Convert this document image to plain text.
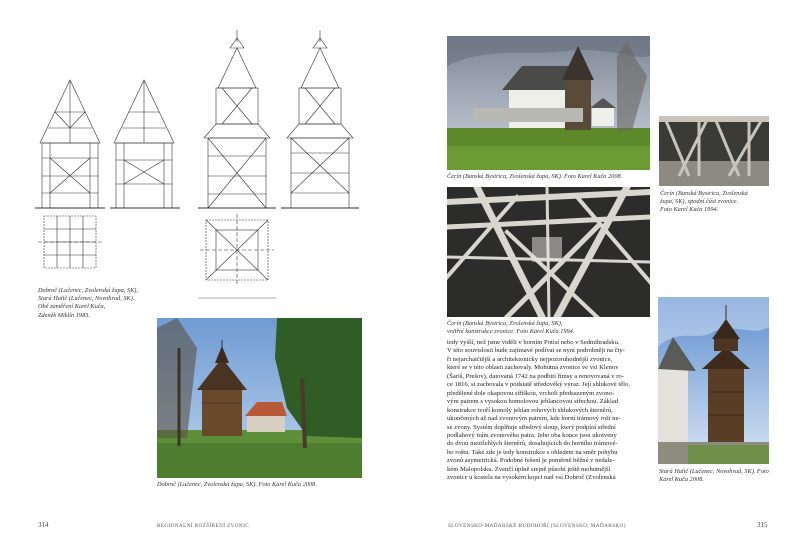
Dobroč (Lučenec, Zvolenská župa, SK),
Stará Halič (Lučenec, Novohrad, SK).
Obě zaměření Karel Kuča,
Zdeněk Miklín 1983.
Dobroč (Lučenec, Zvolenská župa, SK). Foto Karel Kuča 2008.
314	REGIONÁLNÍ ROZŠÍŘENÍ ZVONIC
Čerín (Banská Bystrica, Zvolenská župa, SK). Foto Karel Kuča 2008.
Čerín (Banská Bystrica, Zvolenská
župa, SK), spodní část zvonice.
Foto Karel Kuča 1994.
Čerín (Banská Bystrica, Zvolenská župa, SK),
vnitřní konstrukce zvonice. Foto Karel Kuča 1994.

tedy vyšší, než jsme viděli v horním Potisí nebo v Sedmihradsku.

V této souvislosti bude zajímavé podívat se nyní podrobněji na čty-

ři nejarchaičtější a architektonicky nejpozoruhodnější zvonice,

které se v této oblasti zachovaly. Mohutná zvonice ve vsi Klenov

(Šariš, Prešov), datovaná 1742 na podbití římsy a renovovaná v ro-

ce 1816, si zachovala v podstatě středověký výraz. Její shlukové tělo,

předělené dole okapovou stříškou, vrcholí předsazeným zvono-

vým patrem s vysokou homolovou jehlancovou střechou. Základ

konstrukce tvoří komolý jehlan rohových shlukových šterněrů,

ukončených až nad zvonovým patrem, kde horní trámový rošt ne-

se zvony. Systém doplňuje středový sloup, který podpírá střední

podlahový trám zvonového patra. Jeho oba konce jsou ukotveny

do dvou mezilehlých šterněrů, dosahujících do horního trámové-

ho roštu. Také zde je tedy konstrukce s ohledem na směr pohybu

zvonů asymetrická. Podobné řešení je poměrně běžné v nedale-

kém Malopolsku. Zvenčí úplně stejně působí ještě mohutnější

zvonice u kostela na vysokém kopci nad vsí Dobroč (Zvolenská

Stará Halič (Lučenec, Novohrad, SK). Foto Karel Kuča 2008.
SLOVENSKO-MAĎARSKÉ RUDOHOŘÍ (SLOVENSKO, MAĎARSKO)	315
